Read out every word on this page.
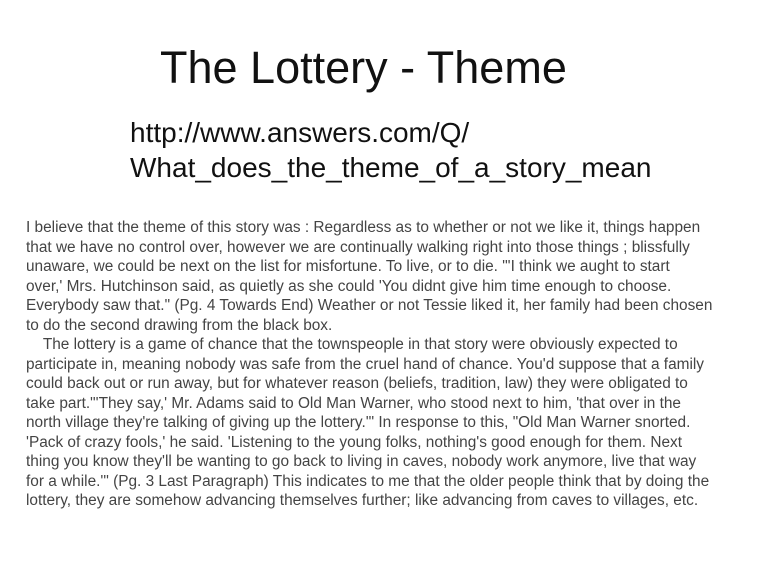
The Lottery - Theme
http://www.answers.com/Q/
What_does_the_theme_of_a_story_mean
I believe that the theme of this story was : Regardless as to whether or not we like it, things happen
that we have no control over, however we are continually walking right into those things ; blissfully
unaware, we could be next on the list for misfortune. To live, or to die. "'I think we aught to start
over,' Mrs. Hutchinson said, as quietly as she could 'You didnt give him time enough to choose.
Everybody saw that." (Pg. 4 Towards End) Weather or not Tessie liked it, her family had been chosen
to do the second drawing from the black box.
The lottery is a game of chance that the townspeople in that story were obviously expected to
participate in, meaning nobody was safe from the cruel hand of chance. You'd suppose that a family
could back out or run away, but for whatever reason (beliefs, tradition, law) they were obligated to
take part."'They say,' Mr. Adams said to Old Man Warner, who stood next to him, 'that over in the
north village they're talking of giving up the lottery.'" In response to this, "Old Man Warner snorted.
'Pack of crazy fools,' he said. 'Listening to the young folks, nothing's good enough for them. Next
thing you know they'll be wanting to go back to living in caves, nobody work anymore, live that way
for a while.'" (Pg. 3 Last Paragraph) This indicates to me that the older people think that by doing the
lottery, they are somehow advancing themselves further; like advancing from caves to villages, etc.
